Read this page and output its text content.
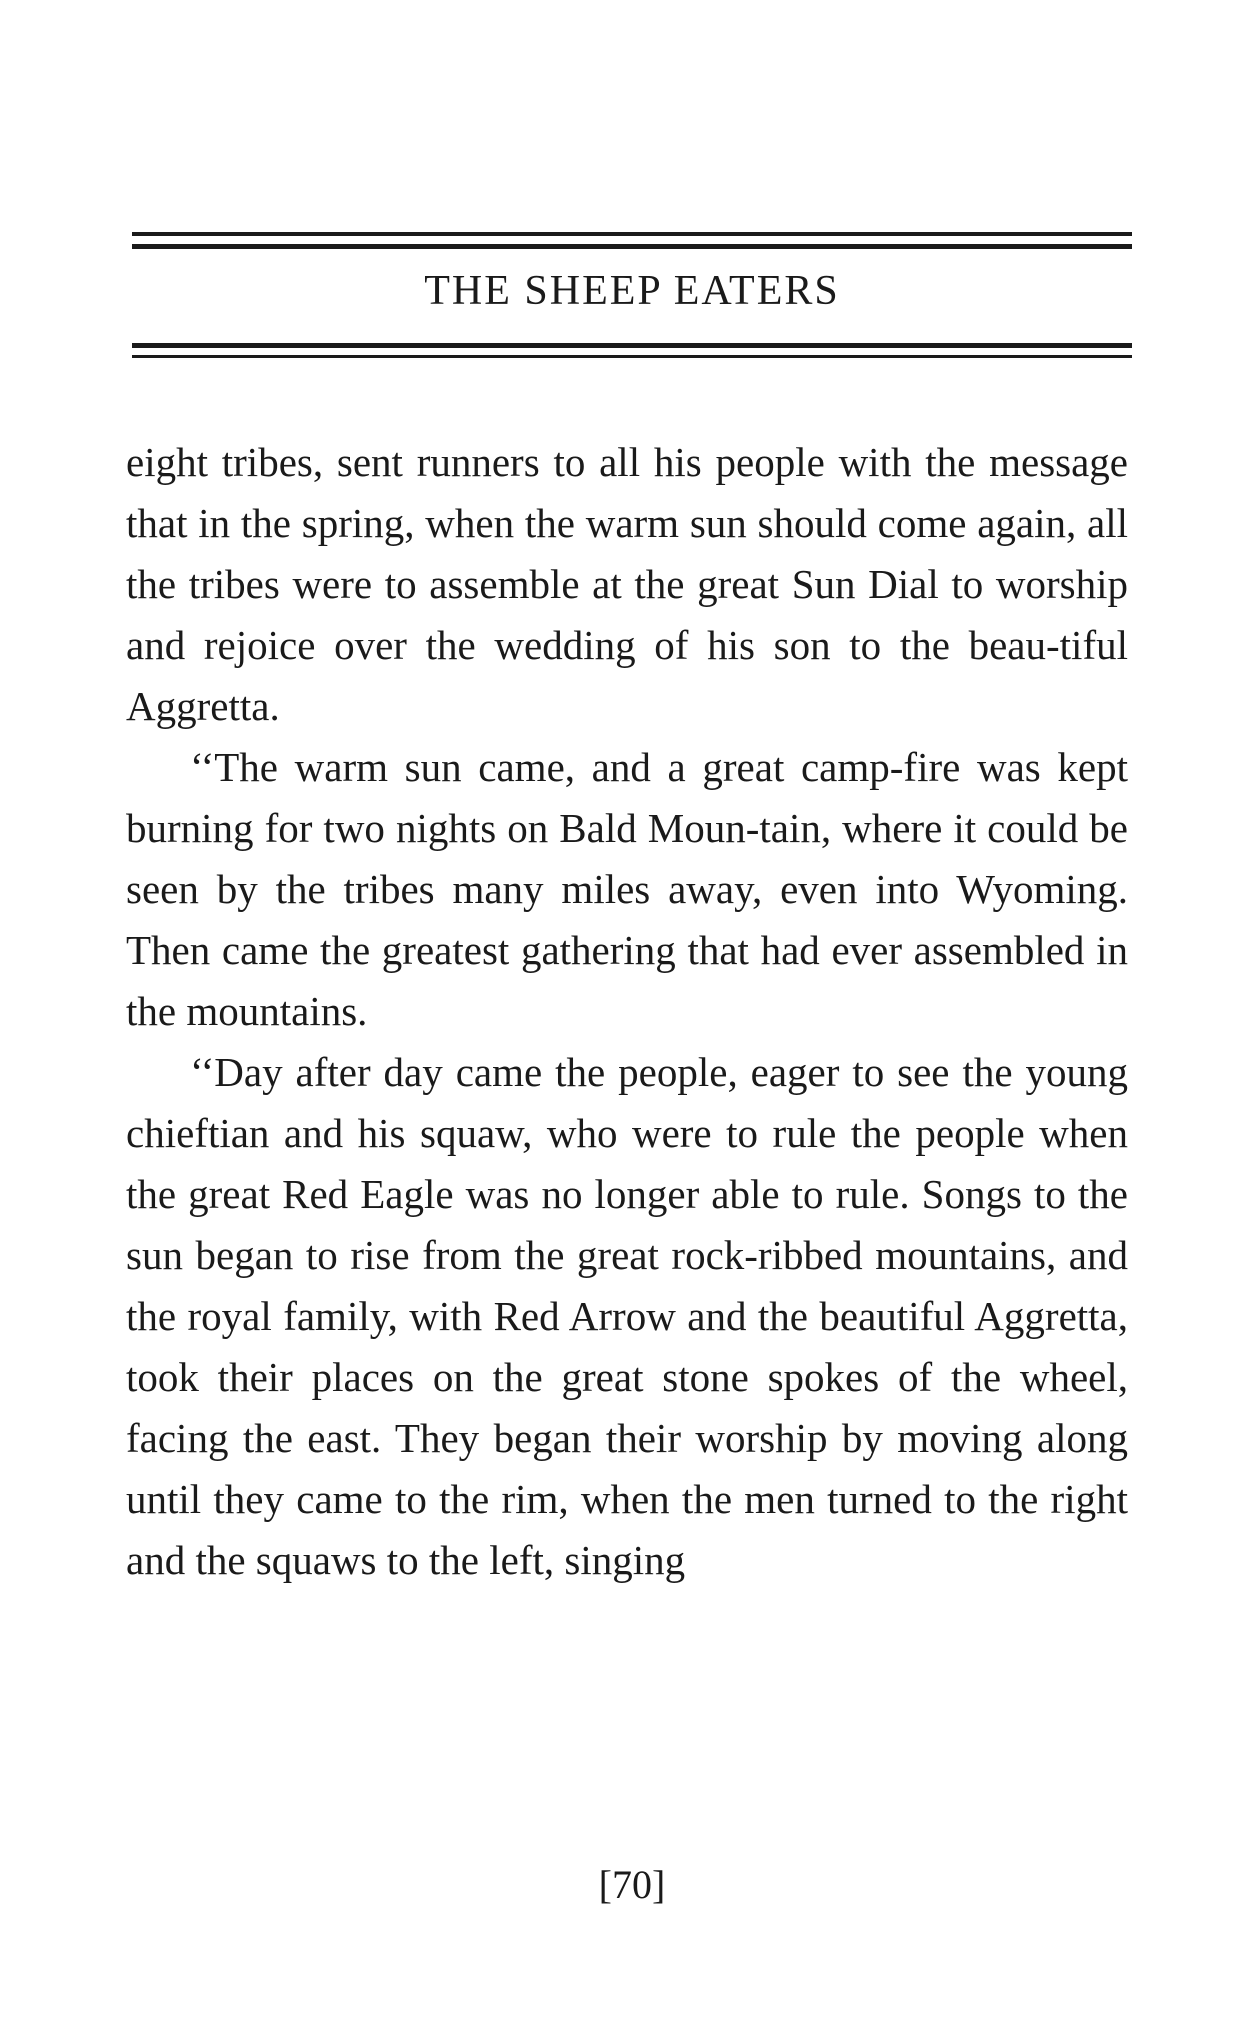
THE SHEEP EATERS

eight tribes, sent runners to all his people with the message that in the spring, when the warm sun should come again, all the tribes were to assemble at the great Sun Dial to worship and rejoice over the wedding of his son to the beau-tiful Aggretta.

‘‘The warm sun came, and a great camp-fire was kept burning for two nights on Bald Moun-tain, where it could be seen by the tribes many miles away, even into Wyoming. Then came the greatest gathering that had ever assembled in the mountains.

‘‘Day after day came the people, eager to see the young chieftian and his squaw, who were to rule the people when the great Red Eagle was no longer able to rule. Songs to the sun began to rise from the great rock-ribbed mountains, and the royal family, with Red Arrow and the beautiful Aggretta, took their places on the great stone spokes of the wheel, facing the east. They began their worship by moving along until they came to the rim, when the men turned to the right and the squaws to the left, singing

[70]
